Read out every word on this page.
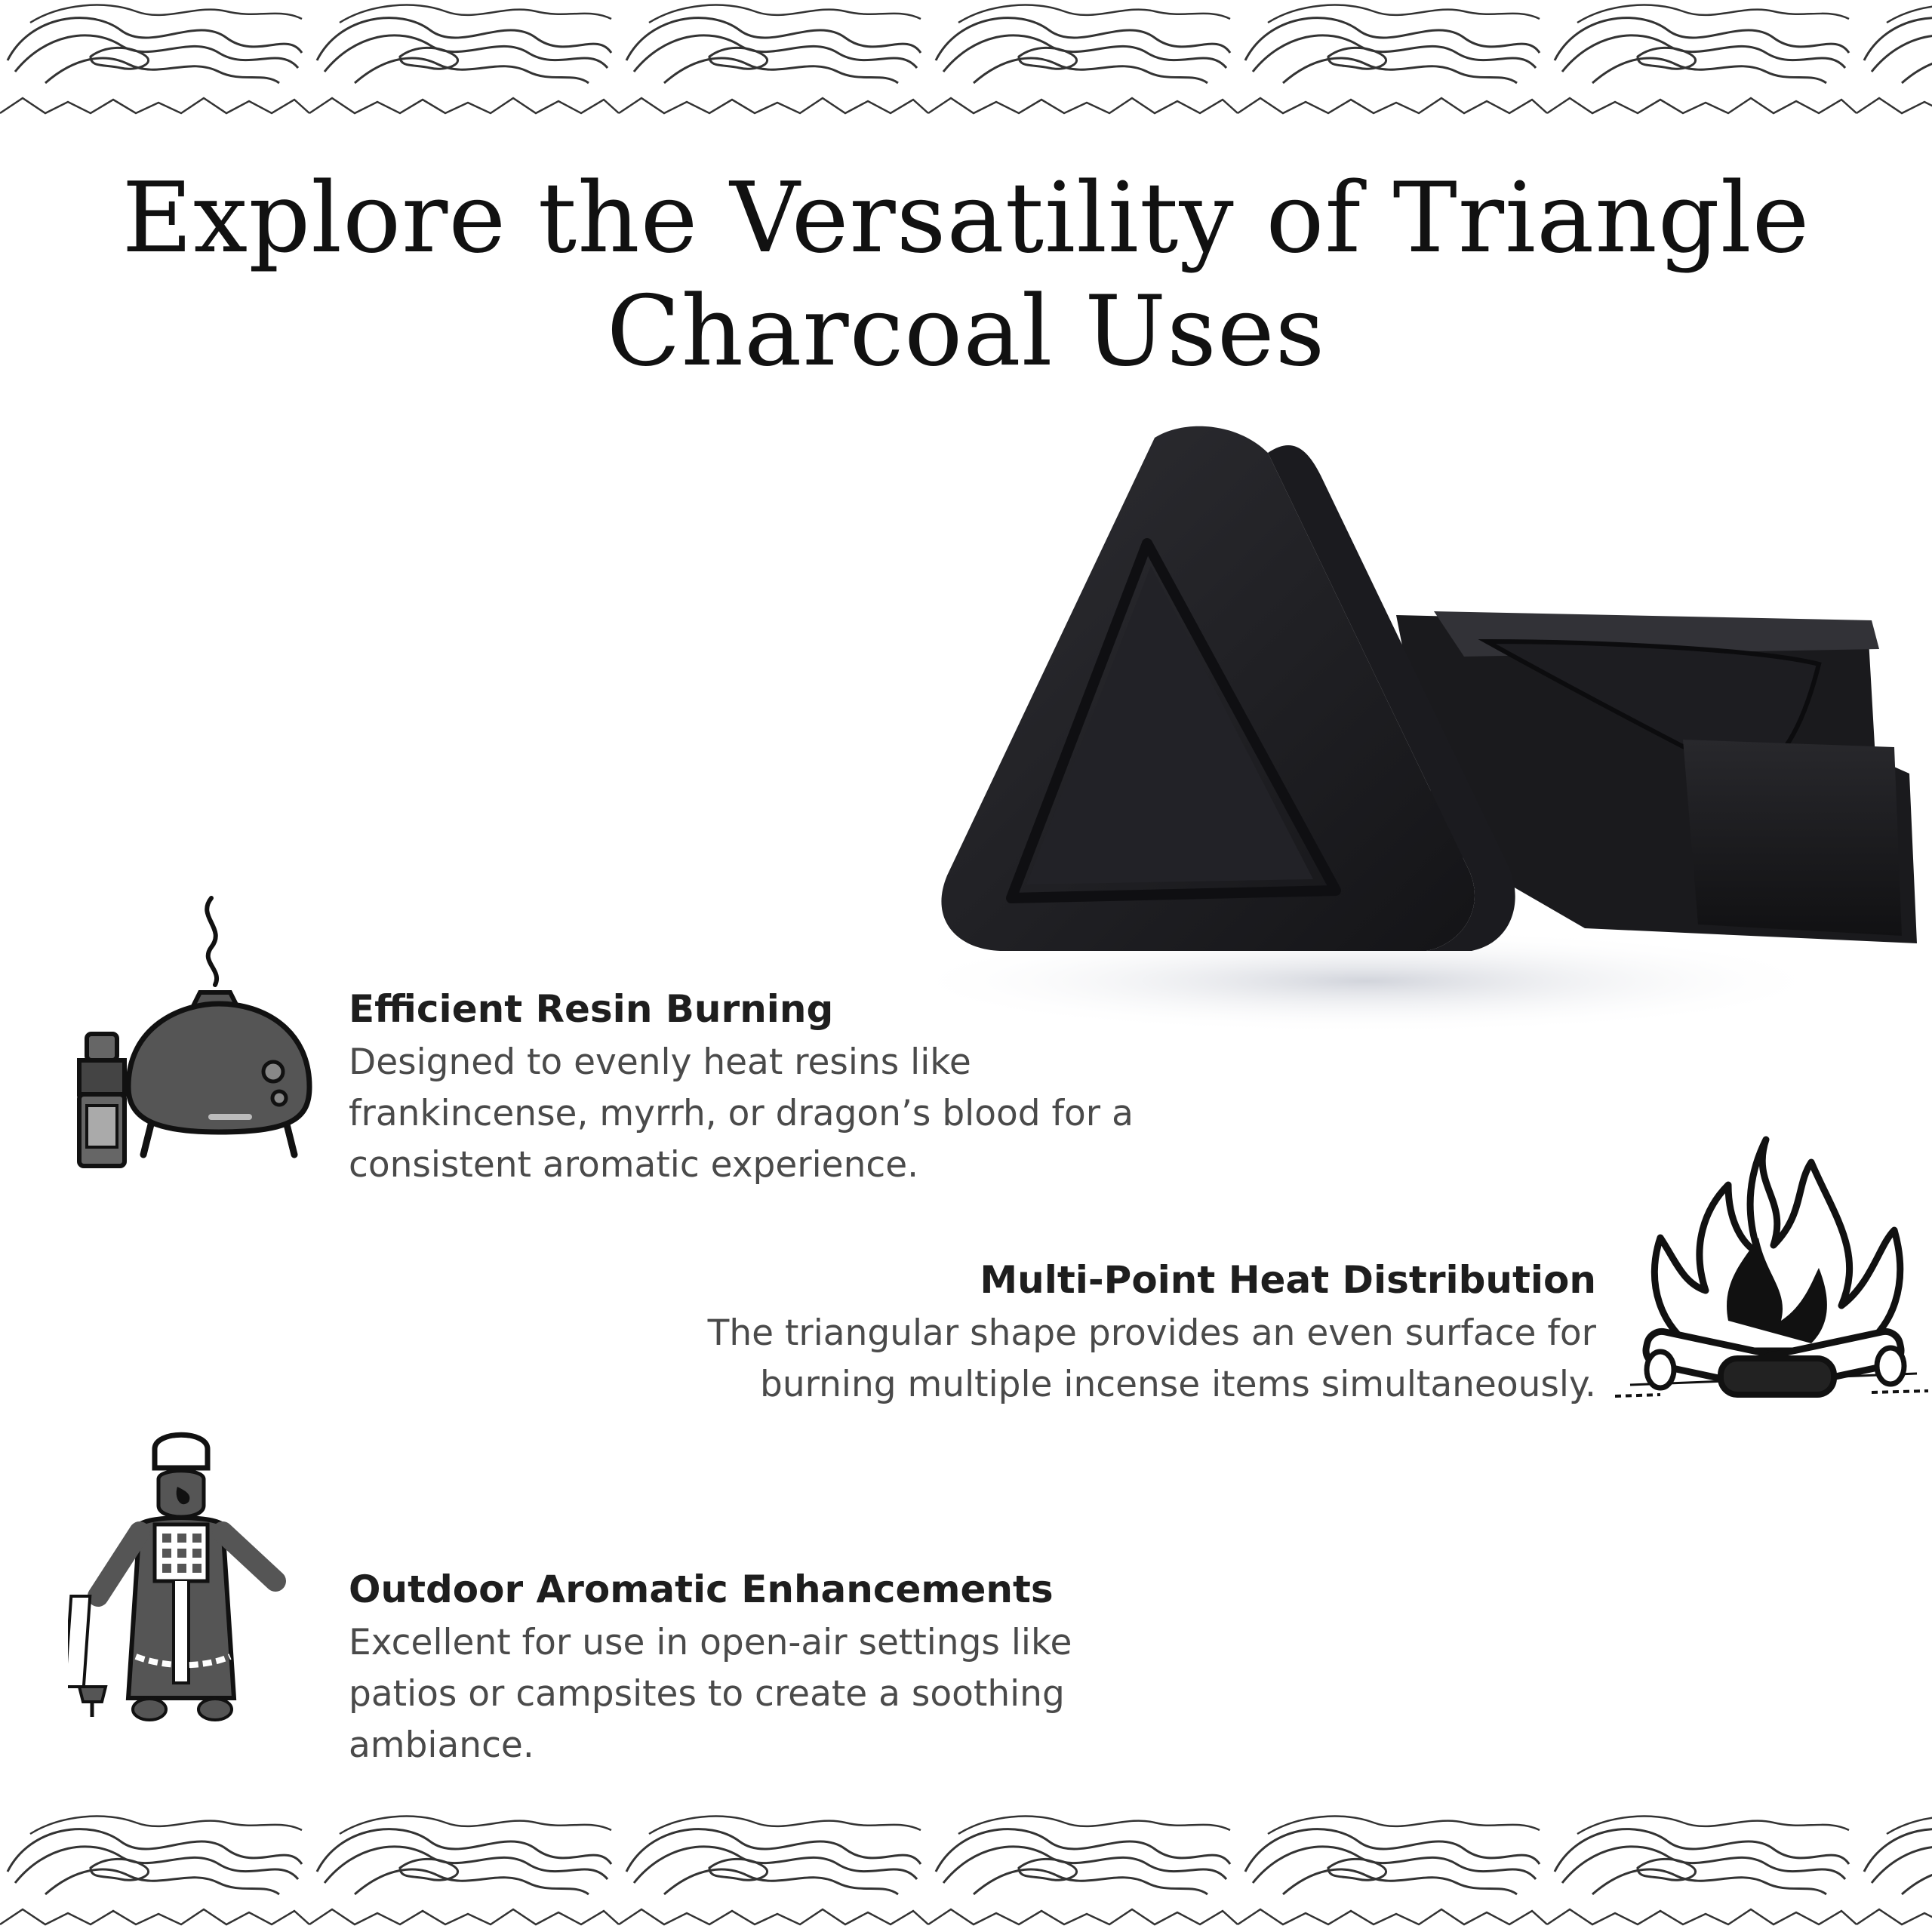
Explore the Versatility of Triangle Charcoal Uses
Efficient Resin Burning

Designed to evenly heat resins like frankincense, myrrh, or dragon’s blood for a consistent aromatic experience.

Multi-Point Heat Distribution

The triangular shape provides an even surface for burning multiple incense items simultaneously.

Outdoor Aromatic Enhancements

Excellent for use in open-air settings like patios or campsites to create a soothing ambiance.
